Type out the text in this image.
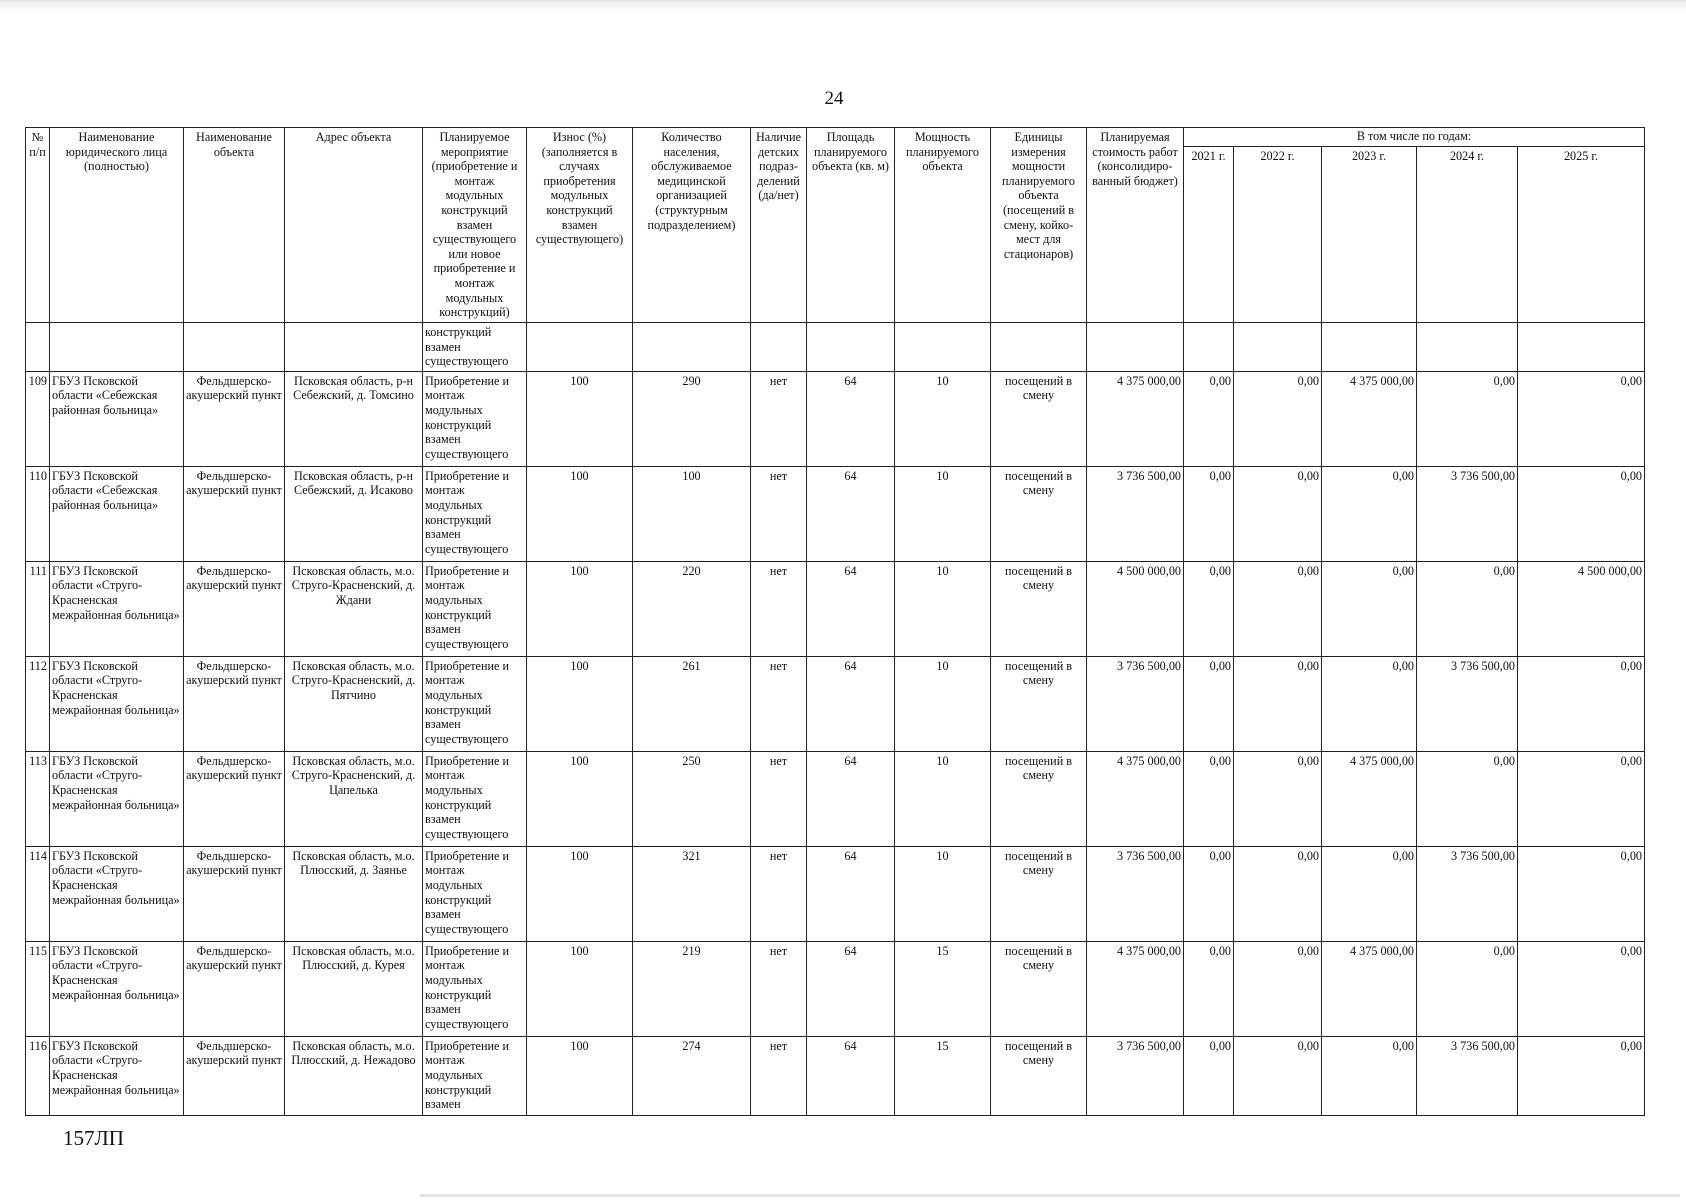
24
№ п/п	Наименование юридического лица (полностью)	Наименование объекта	Адрес объекта	Планируемое мероприятие (приобретение и монтаж модульных конструкций взамен существующего или новое приобретение и монтаж модульных конструкций)	Износ (%) (заполняется в случаях приобретения модульных конструкций взамен существующего)	Количество населения, обслуживаемое медицинской организацией (структурным подразделением)	Наличие детских подраз-делений (да/нет)	Площадь планируемого объекта (кв. м)	Мощность планируемого объекта	Единицы измерения мощности планируемого объекта (посещений в смену, койко-мест для стационаров)	Планируемая стоимость работ (консолидиро-ванный бюджет)	В том числе по годам:				
												2021 г.	2022 г.	2023 г.	2024 г.	2025 г.
				конструкций взамен существующего												
109	ГБУЗ Псковской области «Себежская районная больница»	Фельдшерско-акушерский пункт	Псковская область, р-н Себежский, д. Томсино	Приобретение и монтаж модульных конструкций взамен существующего	100	290	нет	64	10	посещений в смену	4 375 000,00	0,00	0,00	4 375 000,00	0,00	0,00
110	ГБУЗ Псковской области «Себежская районная больница»	Фельдшерско-акушерский пункт	Псковская область, р-н Себежский, д. Исаково	Приобретение и монтаж модульных конструкций взамен существующего	100	100	нет	64	10	посещений в смену	3 736 500,00	0,00	0,00	0,00	3 736 500,00	0,00
111	ГБУЗ Псковской области «Струго-Красненская межрайонная больница»	Фельдшерско-акушерский пункт	Псковская область, м.о. Струго-Красненский, д. Ждани	Приобретение и монтаж модульных конструкций взамен существующего	100	220	нет	64	10	посещений в смену	4 500 000,00	0,00	0,00	0,00	0,00	4 500 000,00
112	ГБУЗ Псковской области «Струго-Красненская межрайонная больница»	Фельдшерско-акушерский пункт	Псковская область, м.о. Струго-Красненский, д. Пятчино	Приобретение и монтаж модульных конструкций взамен существующего	100	261	нет	64	10	посещений в смену	3 736 500,00	0,00	0,00	0,00	3 736 500,00	0,00
113	ГБУЗ Псковской области «Струго-Красненская межрайонная больница»	Фельдшерско-акушерский пункт	Псковская область, м.о. Струго-Красненский, д. Цапелька	Приобретение и монтаж модульных конструкций взамен существующего	100	250	нет	64	10	посещений в смену	4 375 000,00	0,00	0,00	4 375 000,00	0,00	0,00
114	ГБУЗ Псковской области «Струго-Красненская межрайонная больница»	Фельдшерско-акушерский пункт	Псковская область, м.о. Плюсский, д. Заянье	Приобретение и монтаж модульных конструкций взамен существующего	100	321	нет	64	10	посещений в смену	3 736 500,00	0,00	0,00	0,00	3 736 500,00	0,00
115	ГБУЗ Псковской области «Струго-Красненская межрайонная больница»	Фельдшерско-акушерский пункт	Псковская область, м.о. Плюсский, д. Курея	Приобретение и монтаж модульных конструкций взамен существующего	100	219	нет	64	15	посещений в смену	4 375 000,00	0,00	0,00	4 375 000,00	0,00	0,00
116	ГБУЗ Псковской области «Струго-Красненская межрайонная больница»	Фельдшерско-акушерский пункт	Псковская область, м.о. Плюсский, д. Нежадово	Приобретение и монтаж модульных конструкций взамен	100	274	нет	64	15	посещений в смену	3 736 500,00	0,00	0,00	0,00	3 736 500,00	0,00
157ЛП
